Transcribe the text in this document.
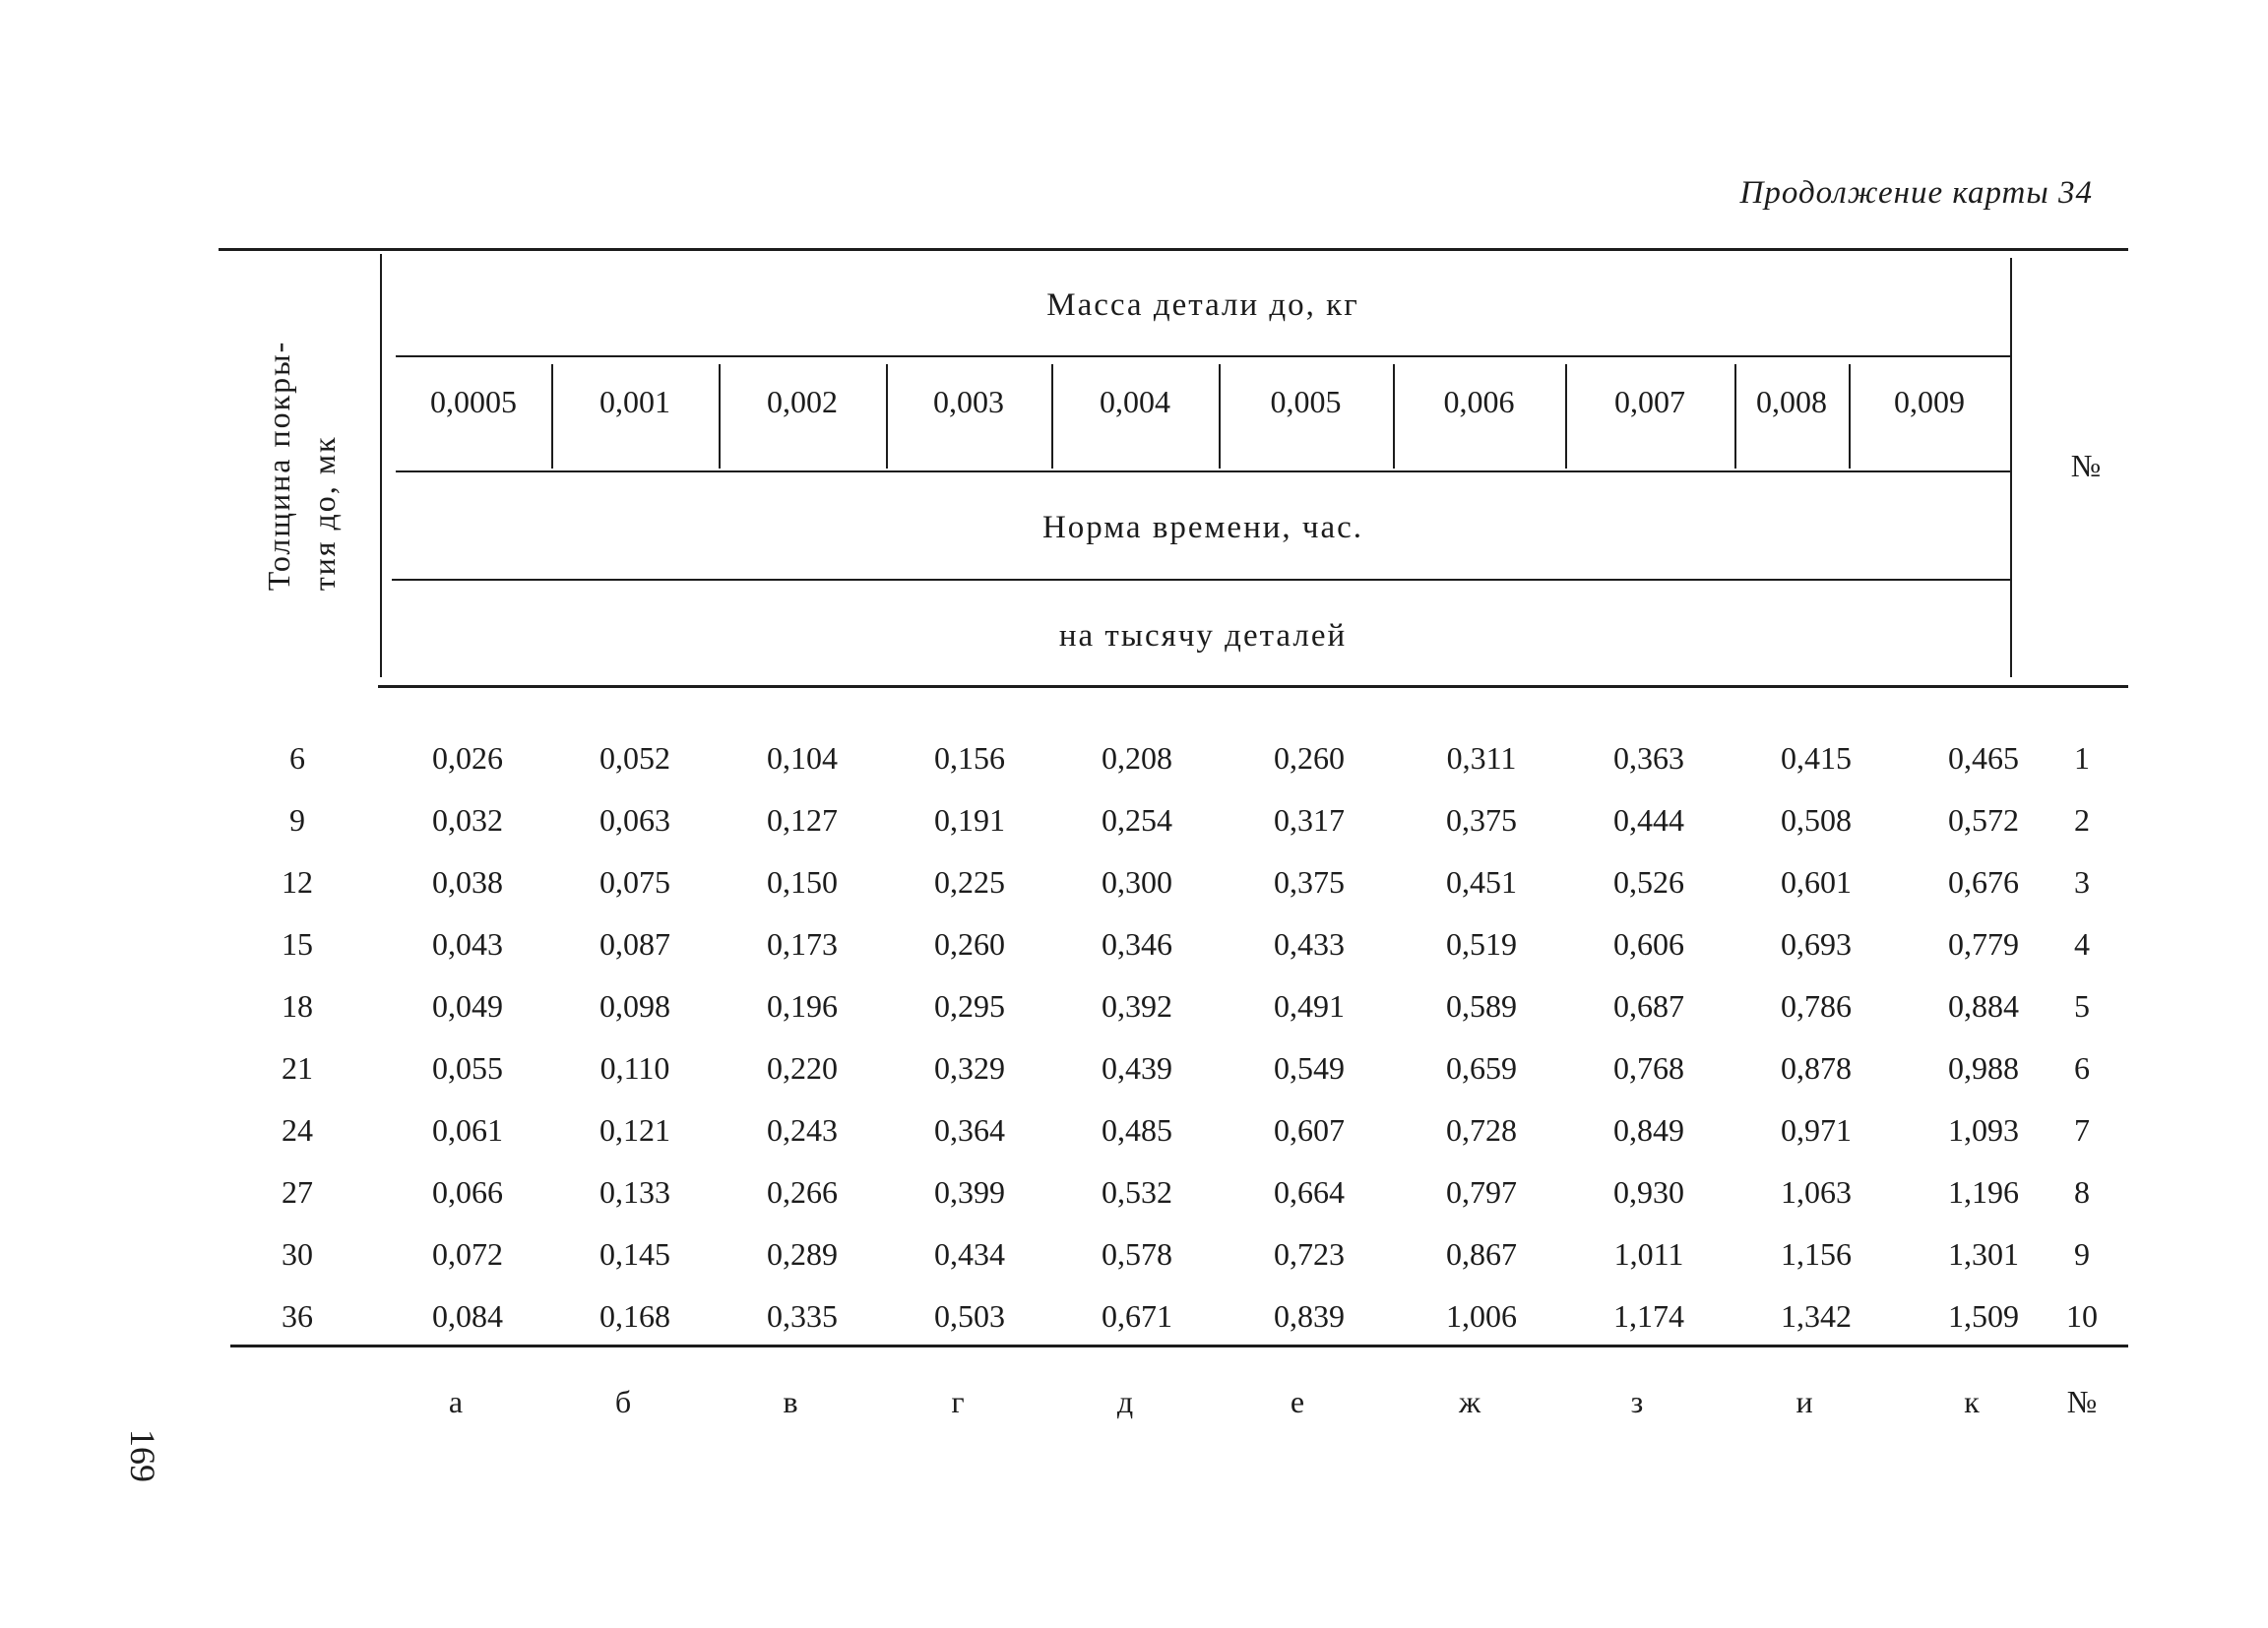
Продолжение карты 34
Толщина покры- тия до, мк
Масса детали до, кг
Норма времени, час.
на тысячу деталей
№
0,0005	0,001	0,002	0,003	0,004	0,005	0,006	0,007	0,008	0,009
6	0,026	0,052	0,104	0,156	0,208	0,260	0,311	0,363	0,415	0,465	1
9	0,032	0,063	0,127	0,191	0,254	0,317	0,375	0,444	0,508	0,572	2
12	0,038	0,075	0,150	0,225	0,300	0,375	0,451	0,526	0,601	0,676	3
15	0,043	0,087	0,173	0,260	0,346	0,433	0,519	0,606	0,693	0,779	4
18	0,049	0,098	0,196	0,295	0,392	0,491	0,589	0,687	0,786	0,884	5
21	0,055	0,110	0,220	0,329	0,439	0,549	0,659	0,768	0,878	0,988	6
24	0,061	0,121	0,243	0,364	0,485	0,607	0,728	0,849	0,971	1,093	7
27	0,066	0,133	0,266	0,399	0,532	0,664	0,797	0,930	1,063	1,196	8
30	0,072	0,145	0,289	0,434	0,578	0,723	0,867	1,011	1,156	1,301	9
36	0,084	0,168	0,335	0,503	0,671	0,839	1,006	1,174	1,342	1,509	10
а	б	в	г	д	е	ж	з	и	к	№
169
